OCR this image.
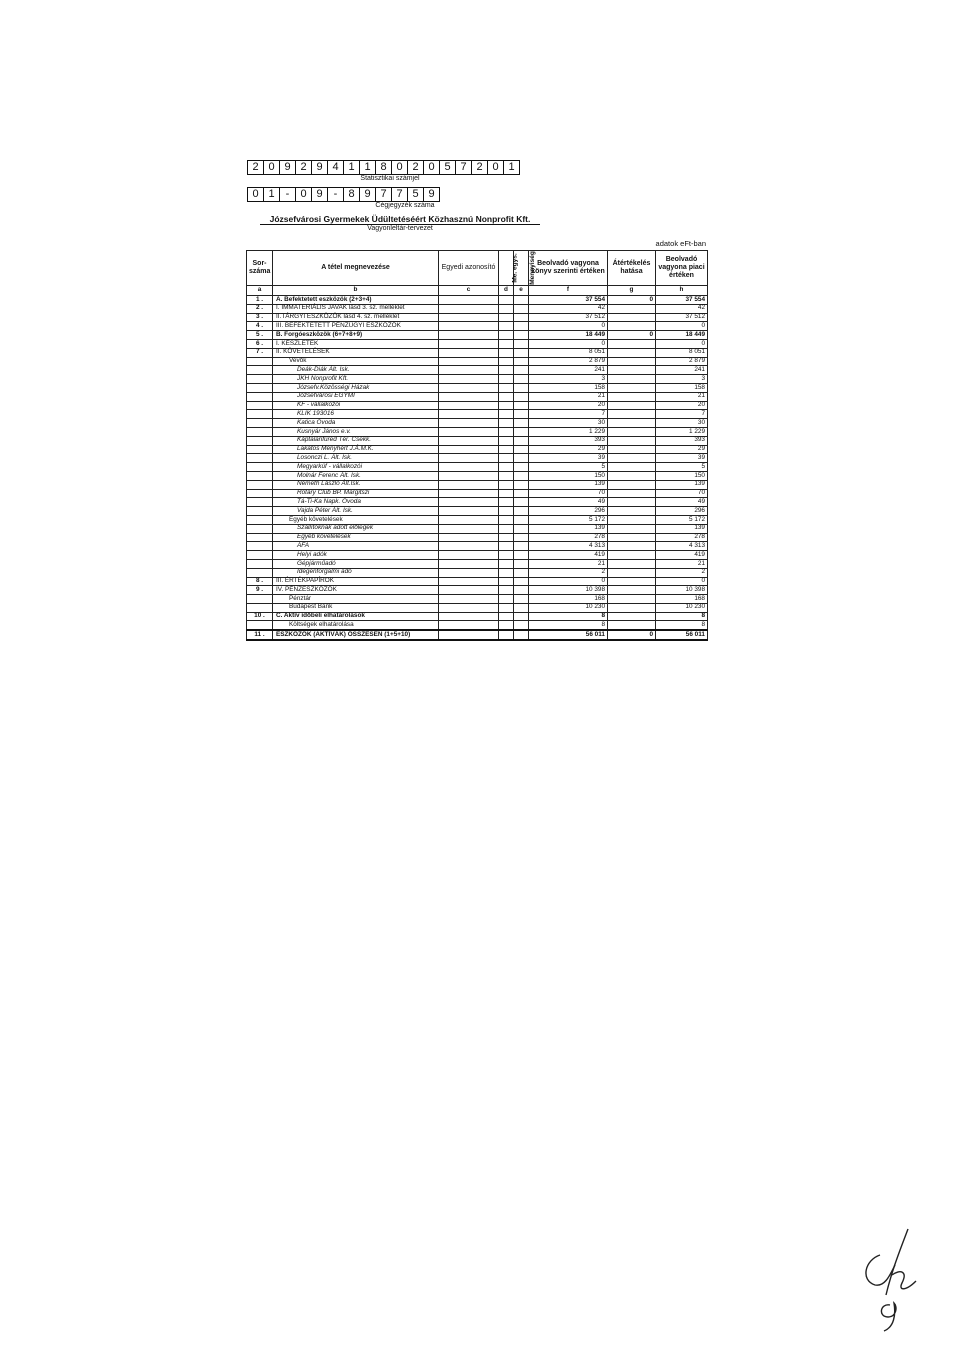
2 0 9 2 9 4 1 1 8 0 2 0 5 7 2 0 1
Statisztikai számjel
0 1	-	0 9	-	8 9 7 7 5 9
Cégjegyzék száma
Józsefvárosi Gyermekek Üdültetéséért Közhasznú Nonprofit Kft.
Vagyonleltár-tervezet
adatok eFt-ban
Sor-száma	A tétel megnevezése	Egyedi azonosító	Me. egys.	Mennyiség	Beolvadó vagyona könyv szerinti értéken	Átértékelés hatása	Beolvadó vagyona piaci értéken
a	b	c	d	e	f	g	h
1 .	A. Befektetett eszközök (2+3+4)				37 554	0	37 554
2 .	I. IMMATERIÁLIS JAVAK lásd 3. sz. melléklet				42		42
3 .	II.TÁRGYI ESZKÖZÖK lásd 4. sz. melléklet				37 512		37 512
4 .	III. BEFEKTETETT PÉNZÜGYI ESZKÖZÖK				0		0
5 .	B. Forgóeszközök (6+7+8+9)				18 449	0	18 449
6 .	I. KÉSZLETEK				0		0
7 .	II. KÖVETELÉSEK				8 051		8 051
	Vevők				2 879		2 879
	Deák-Diák Ált. Isk.				241		241
	JKH Nonprofit Kft.				3		3
	Józsefv.Közösségi Házak				158		158
	Józsefvárosi EGYMI				21		21
	KF - vállalkozói				20		20
	KLIK 193016				7		7
	Katica Óvoda				30		30
	Kusnyár János e.v.				1 229		1 229
	Káptalanfüred Tér. Csekk.				393		393
	Lakatos Menyhért J.Á.M.K.				29		29
	Losonczi L. Ált. Isk.				39		39
	Megyarkúf - vállalkozói				5		5
	Molnár Ferenc Ált. Isk.				150		150
	Németh László Ált.Isk.				139		139
	Rotary Club BP. Margitszi				70		70
	Tá-Ti-Ka Napk. Óvoda				49		49
	Vajda Péter Ált. Isk.				296		296
	Egyéb követelések				5 172		5 172
	Szállítóknak adott előlegek				139		139
	Egyéb követelések				278		278
	ÁFA				4 313		4 313
	Helyi adók				419		419
	Gépjárműadó				21		21
	Idegenforgalmi adó				2		2
8 .	III. ÉRTÉKPAPÍROK				0		0
9 .	IV. PÉNZESZKÖZÖK				10 398		10 398
	Pénztár				168		168
	Budapest Bank				10 230		10 230
10 .	C. Aktív időbeli elhatárolások				8		8
	Költségek elhatárolása				8		8
11 .	ESZKÖZÖK (AKTÍVÁK) ÖSSZESEN (1+5+10)				56 011	0	56 011
